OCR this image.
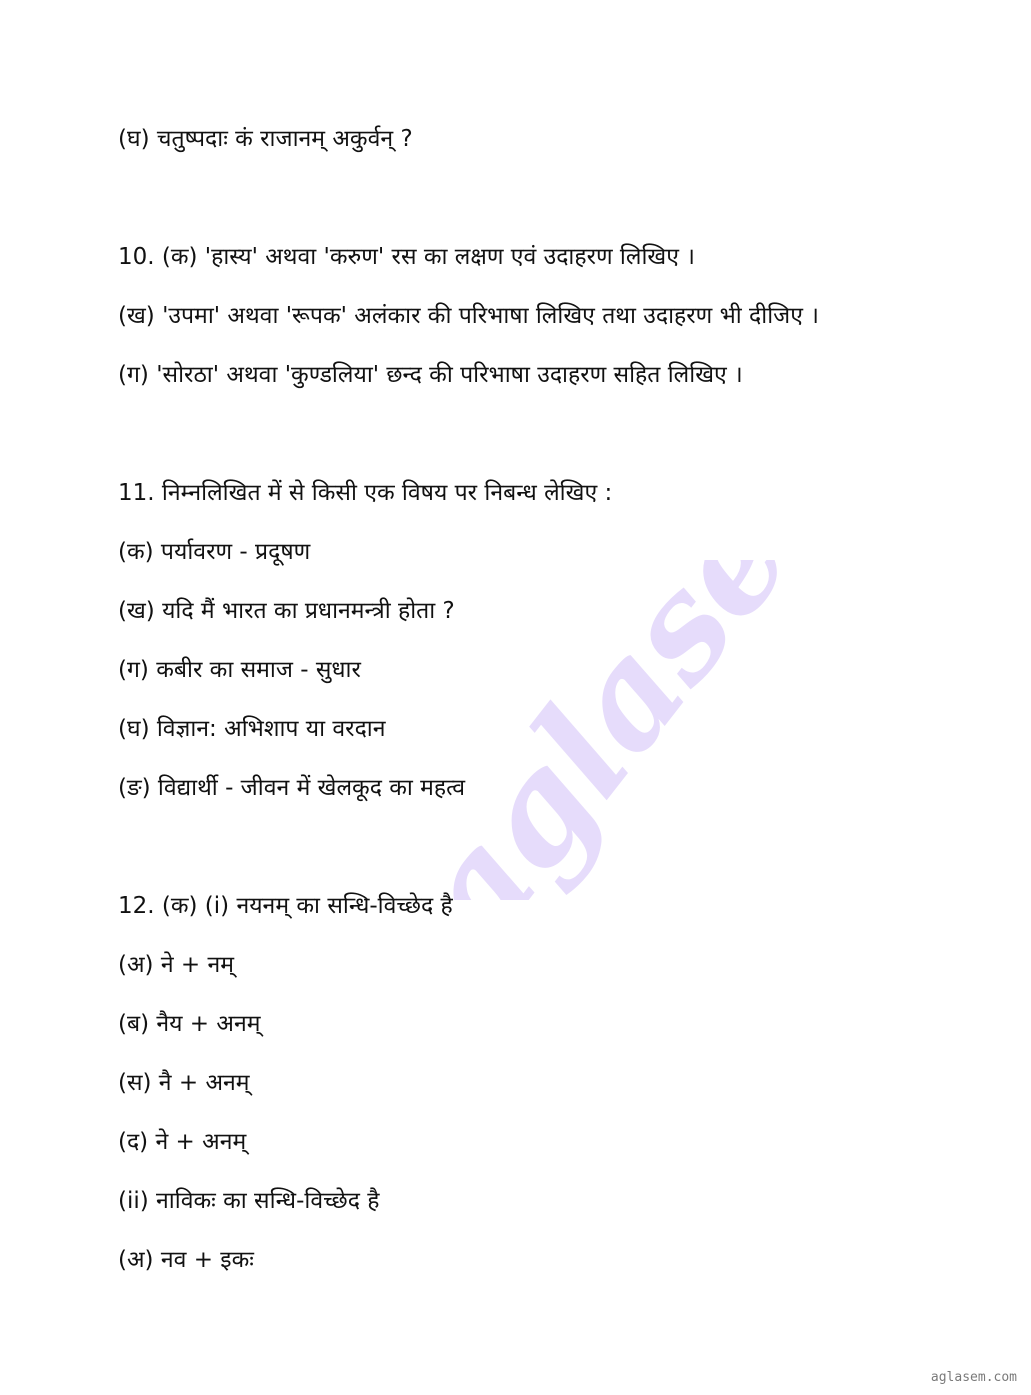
aglasem
(घ) चतुष्पदाः कं राजानम् अकुर्वन् ?
10. (क) 'हास्य' अथवा 'करुण' रस का लक्षण एवं उदाहरण लिखिए ।
(ख) 'उपमा' अथवा 'रूपक' अलंकार की परिभाषा लिखिए तथा उदाहरण भी दीजिए ।
(ग) 'सोरठा' अथवा 'कुण्डलिया' छन्द की परिभाषा उदाहरण सहित लिखिए ।
11. निम्नलिखित में से किसी एक विषय पर निबन्ध लेखिए :
(क) पर्यावरण - प्रदूषण
(ख) यदि मैं भारत का प्रधानमन्त्री होता ?
(ग) कबीर का समाज - सुधार
(घ) विज्ञान: अभिशाप या वरदान
(ङ) विद्यार्थी - जीवन में खेलकूद का महत्व
12. (क) (i) नयनम् का सन्धि-विच्छेद है
(अ) ने + नम्
(ब) नैय + अनम्
(स) नै + अनम्
(द) ने + अनम्
(ii) नाविकः का सन्धि-विच्छेद है
(अ) नव + इकः
aglasem.com
